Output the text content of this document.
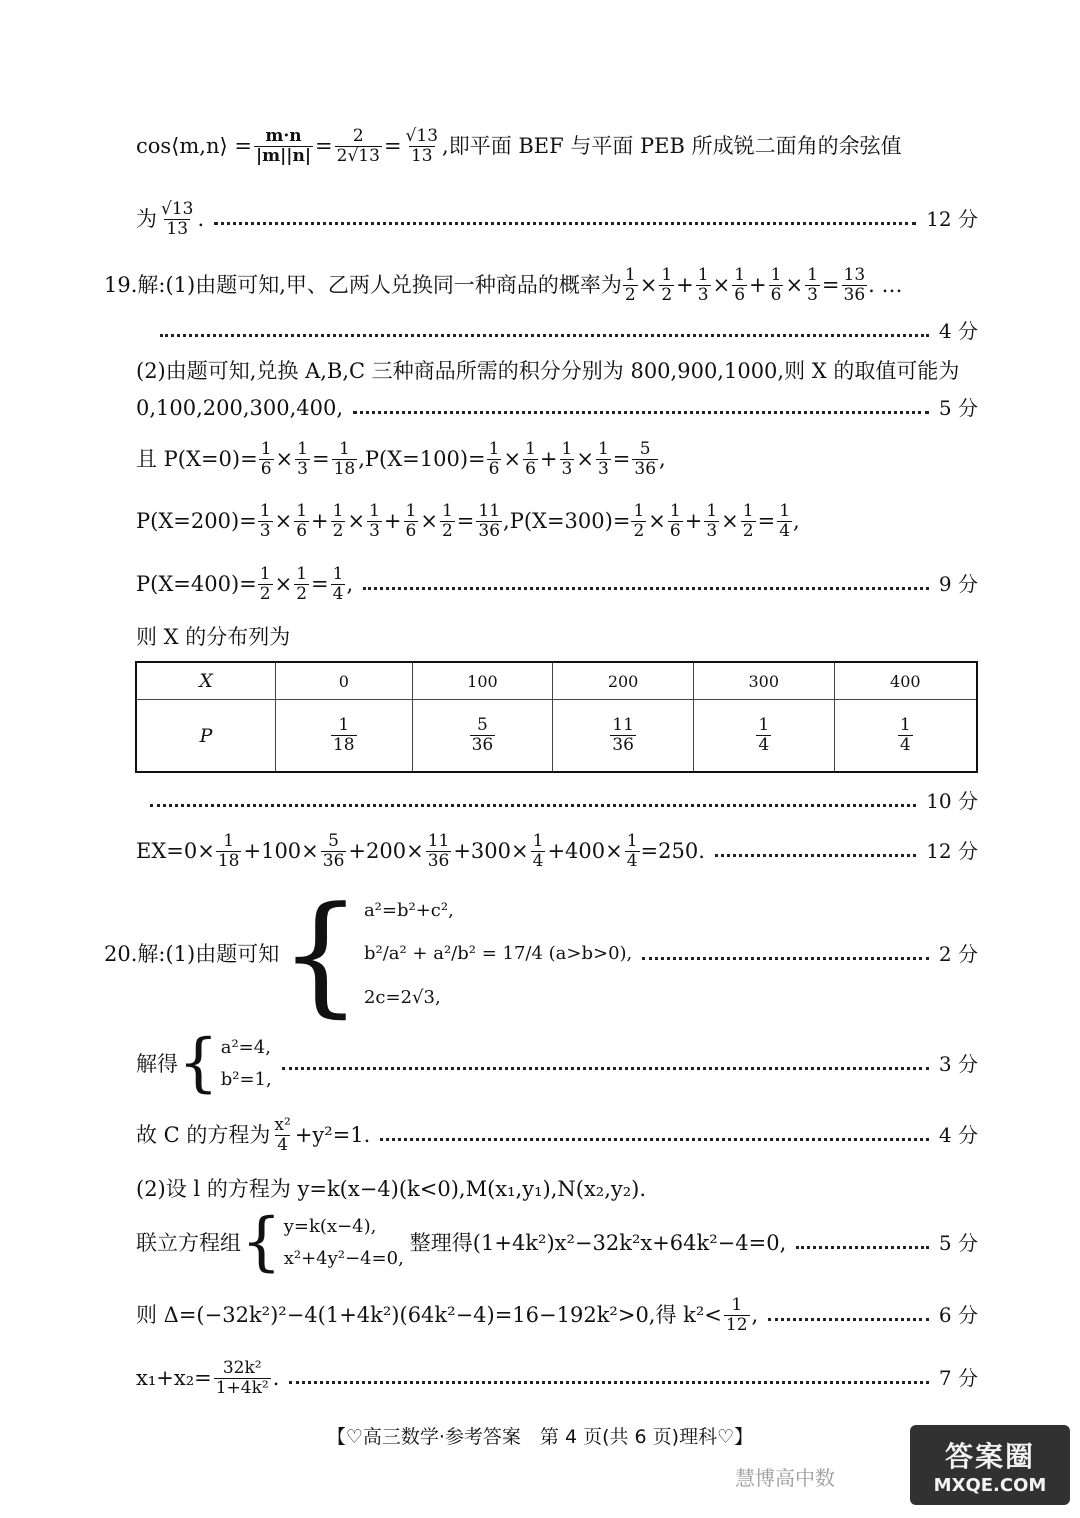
cos⟨m,n⟩ = $\frac{m\cdot n}{|m||n|} = \frac{2}{2√13} = \frac{√13}{13}$ ,即平面 BEF 与平面 PEB 所成锐二面角的余弦值
为 $\frac{√13}{13}$ .	12 分
19. 解:(1)由题可知,甲、乙两人兑换同一种商品的概率为 $\frac{1}{2} \times \frac{1}{2} + \frac{1}{3} \times \frac{1}{6} + \frac{1}{6} \times \frac{1}{3} = \frac{13}{36}$ . …
4 分
(2)由题可知,兑换 A,B,C 三种商品所需的积分分别为 800,900,1000,则 X 的取值可能为
0,100,200,300,400,	5 分
且 $P(X=0)= \frac{1}{6} \times \frac{1}{3} = \frac{1}{18} ,P(X=100)= \frac{1}{6} \times \frac{1}{6} + \frac{1}{3} \times \frac{1}{3} = \frac{5}{36}$ ,
$P(X=200)= \frac{1}{3} \times \frac{1}{6} + \frac{1}{2} \times \frac{1}{3} + \frac{1}{6} \times \frac{1}{2} = \frac{11}{36} ,P(X=300)= \frac{1}{2} \times \frac{1}{6} + \frac{1}{3} \times \frac{1}{2} = \frac{1}{4}$ ,
$P(X=400)= \frac{1}{2} \times \frac{1}{2} = \frac{1}{4}$ ,	9 分
则 X 的分布列为
X	0	100	200	300	400
P	$\frac{1}{18}$	$\frac{5}{36}$	$\frac{11}{36}$	$\frac{1}{4}$	$\frac{1}{4}$
10 分
$EX=0\times \frac{1}{18} +100\times \frac{5}{36} +200\times \frac{11}{36} +300\times \frac{1}{4} +400\times \frac{1}{4} =250$.	12 分
20. 解:(1)由题可知 { a²=b²+c²,
b²/a² + a²/b² = 17/4 (a>b>0),
2c=2√3,
2 分
解得 { a²=4,
b²=1,
3 分
故 C 的方程为 $\frac{\text{x²}}{4} +y^2=1$.	4 分
(2)设 l 的方程为 y=k(x−4)(k<0),M(x₁,y₁),N(x₂,y₂).
联立方程组 { y=k(x−4),
x²+4y²−4=0,
整理得(1+4k²)x²−32k²x+64k²−4=0,	5 分
则 Δ=(−32k²)²−4(1+4k²)(64k²−4)=16−192k²>0,得 $k^2< \frac{1}{12}$ ,	6 分
$x_1+x_2= \frac{\text{32k²}}{\text{1+4k²}}$ .	7 分
【♡高三数学·参考答案　第 4 页(共 6 页)理科♡】
慧博高中数
答案圈
MXQE.COM
